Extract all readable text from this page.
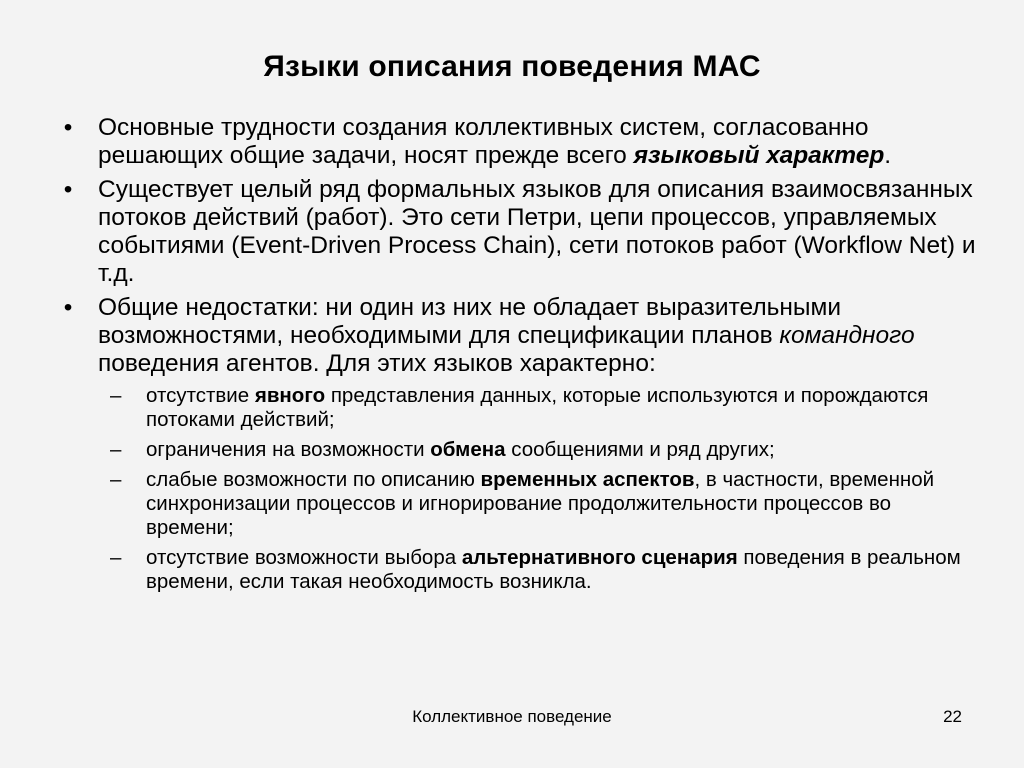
Языки описания поведения МАС
• Основные трудности создания коллективных систем, согласованно решающих общие задачи, носят прежде всего языковый характер.
• Существует целый ряд формальных языков для описания взаимосвязанных потоков действий (работ). Это сети Петри, цепи процессов, управляемых событиями (Event-Driven Process Chain), сети потоков работ (Workflow Net) и т.д.
• Общие недостатки: ни один из них не обладает выразительными возможностями, необходимыми для спецификации планов командного поведения агентов. Для этих языков характерно:
– отсутствие явного представления данных, которые используются и порождаются потоками действий;
– ограничения на возможности обмена сообщениями и ряд других;
– слабые возможности по описанию временных аспектов, в частности, временной синхронизации процессов и игнорирование продолжительности процессов во времени;
– отсутствие возможности выбора альтернативного сценария поведения в реальном времени, если такая необходимость возникла.
Коллективное поведение	22
